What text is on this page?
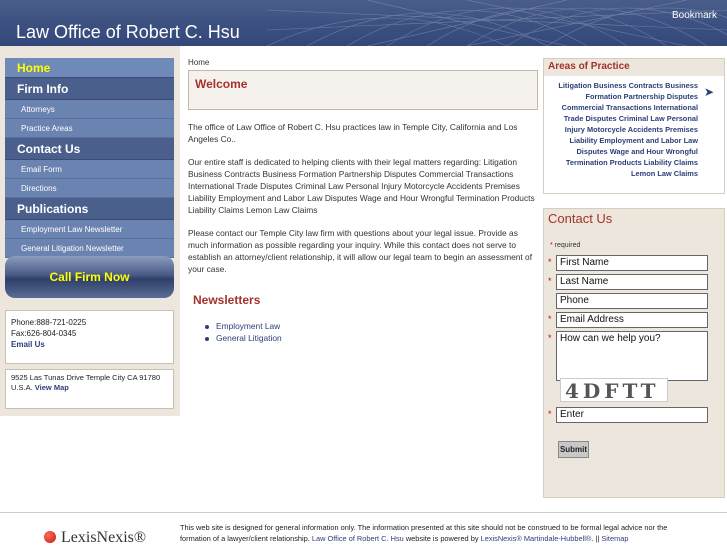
Law Office of Robert C. Hsu
Bookmark
Home
Firm Info
Attorneys
Practice Areas
Contact Us
Email Form
Directions
Publications
Employment Law Newsletter
General Litigation Newsletter
Call Firm Now
Phone:888-721-0225
Fax:626-804-0345
Email Us
9525 Las Tunas Drive Temple City CA 91780 U.S.A. View Map
Home
Welcome

The office of Law Office of Robert C. Hsu practices law in Temple City, California and Los Angeles Co..

Our entire staff is dedicated to helping clients with their legal matters regarding: Litigation Business Contracts Business Formation Partnership Disputes Commercial Transactions International Trade Disputes Criminal Law Personal Injury Motorcycle Accidents Premises Liability Employment and Labor Law Disputes Wage and Hour Wrongful Termination Products Liability Claims Lemon Law Claims

Please contact our Temple City law firm with questions about your legal issue. Provide as much information as possible regarding your inquiry. While this contact does not serve to establish an attorney/client relationship, it will allow our legal team to begin an assessment of your case.

Newsletters
Employment Law
General Litigation
Areas of Practice
Litigation Business Contracts Business
Formation Partnership Disputes
Commercial Transactions International
Trade Disputes Criminal Law Personal
Injury Motorcycle Accidents Premises
Liability Employment and Labor Law
Disputes Wage and Hour Wrongful
Termination Products Liability Claims
Lemon Law Claims
➤
Contact Us
* required
* First Name
* Last Name
Phone
* Email Address
* How can we help you?
4DFTT
* Enter
Submit
LexisNexis®
This web site is designed for general information only. The information presented at this site should not be construed to be formal legal advice nor the formation of a lawyer/client relationship. Law Office of Robert C. Hsu website is powered by LexisNexis® Martindale-Hubbell®. || Sitemap
